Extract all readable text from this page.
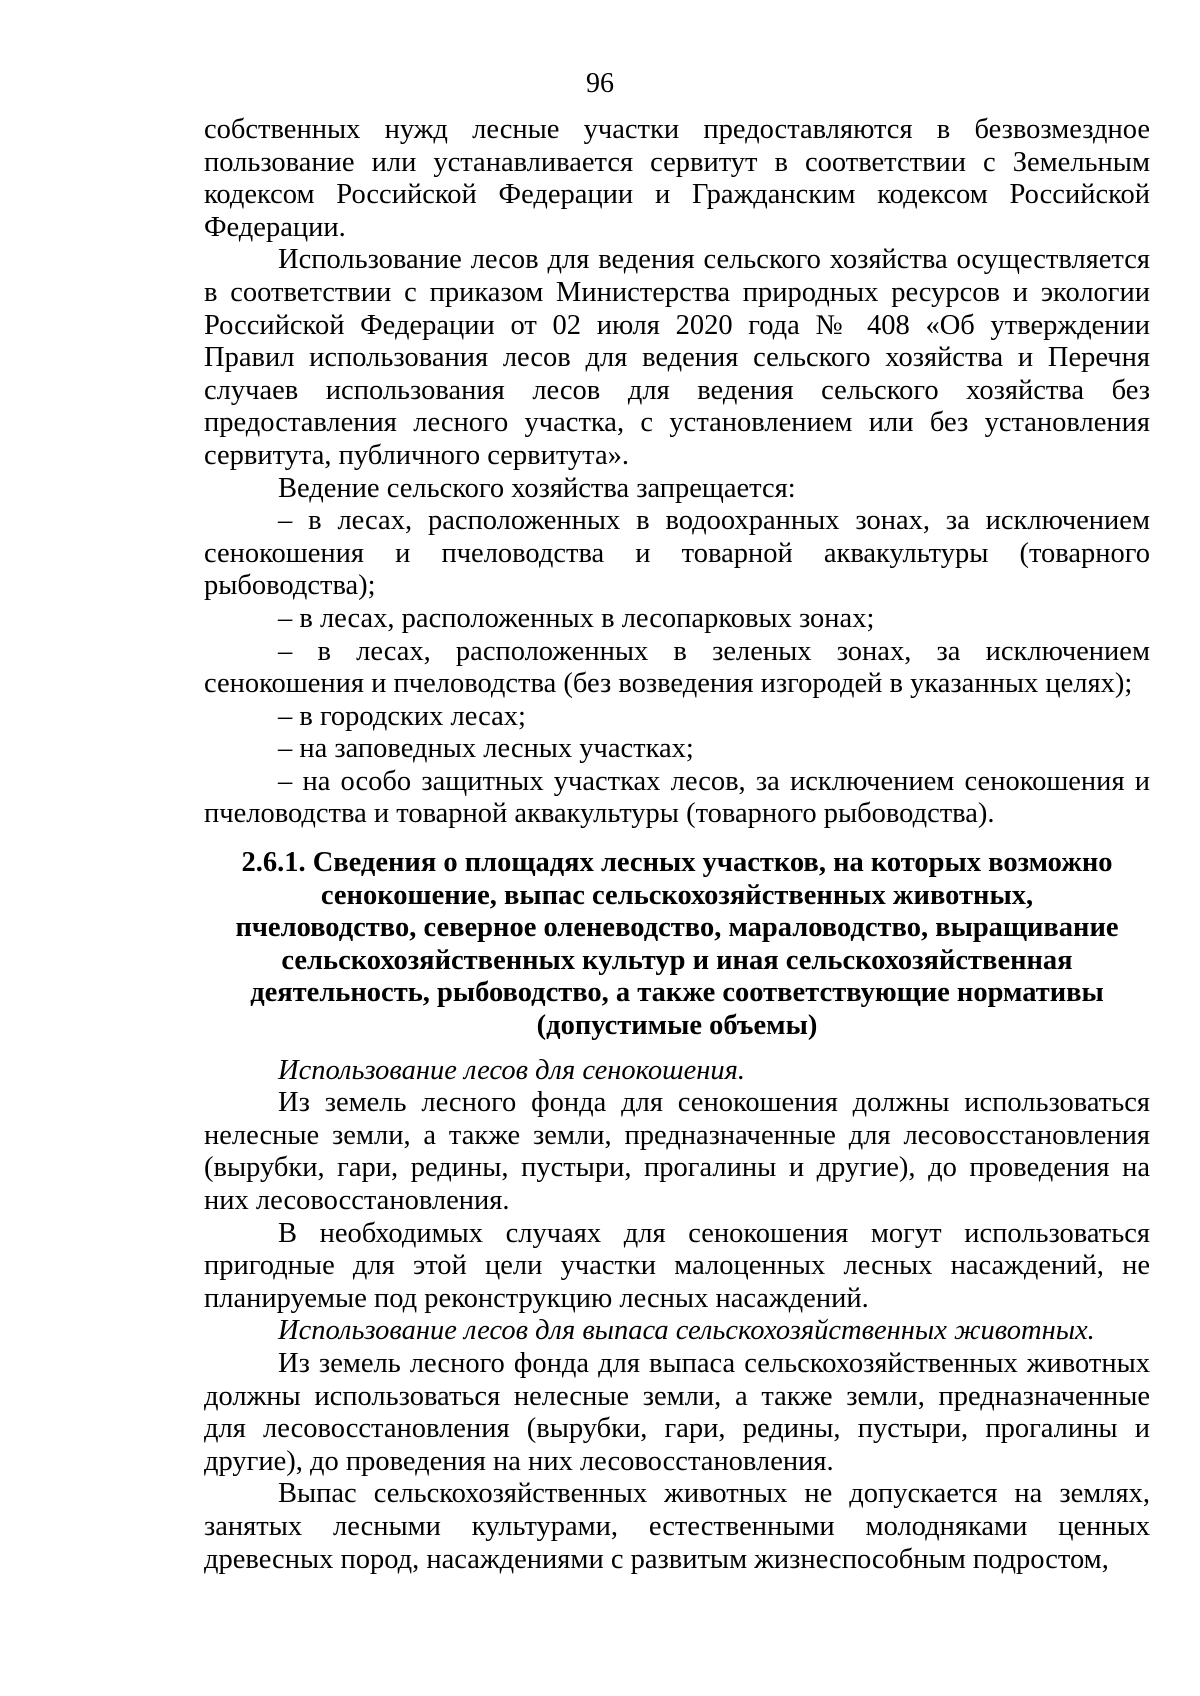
96

собственных нужд лесные участки предоставляются в безвозмездное пользование или устанавливается сервитут в соответствии с Земельным кодексом Российской Федерации и Гражданским кодексом Российской Федерации.

Использование лесов для ведения сельского хозяйства осуществляется в соответствии с приказом Министерства природных ресурсов и экологии Российской Федерации от 02 июля 2020 года № 408 «Об утверждении Правил использования лесов для ведения сельского хозяйства и Перечня случаев использования лесов для ведения сельского хозяйства без предоставления лесного участка, с установлением или без установления сервитута, публичного сервитута».

Ведение сельского хозяйства запрещается:

– в лесах, расположенных в водоохранных зонах, за исключением сенокошения и пчеловодства и товарной аквакультуры (товарного рыбоводства);

– в лесах, расположенных в лесопарковых зонах;

– в лесах, расположенных в зеленых зонах, за исключением сенокошения и пчеловодства (без возведения изгородей в указанных целях);

– в городских лесах;

– на заповедных лесных участках;

– на особо защитных участках лесов, за исключением сенокошения и пчеловодства и товарной аквакультуры (товарного рыбоводства).

2.6.1. Сведения о площадях лесных участков, на которых возможно сенокошение, выпас сельскохозяйственных животных, пчеловодство, северное оленеводство, мараловодство, выращивание сельскохозяйственных культур и иная сельскохозяйственная деятельность, рыбоводство, а также соответствующие нормативы (допустимые объемы)

Использование лесов для сенокошения.

Из земель лесного фонда для сенокошения должны использоваться нелесные земли, а также земли, предназначенные для лесовосстановления (вырубки, гари, редины, пустыри, прогалины и другие), до проведения на них лесовосстановления.

В необходимых случаях для сенокошения могут использоваться пригодные для этой цели участки малоценных лесных насаждений, не планируемые под реконструкцию лесных насаждений.

Использование лесов для выпаса сельскохозяйственных животных.

Из земель лесного фонда для выпаса сельскохозяйственных животных должны использоваться нелесные земли, а также земли, предназначенные для лесовосстановления (вырубки, гари, редины, пустыри, прогалины и другие), до проведения на них лесовосстановления.

Выпас сельскохозяйственных животных не допускается на землях, занятых лесными культурами, естественными молодняками ценных древесных пород, насаждениями с развитым жизнеспособным подростом,
